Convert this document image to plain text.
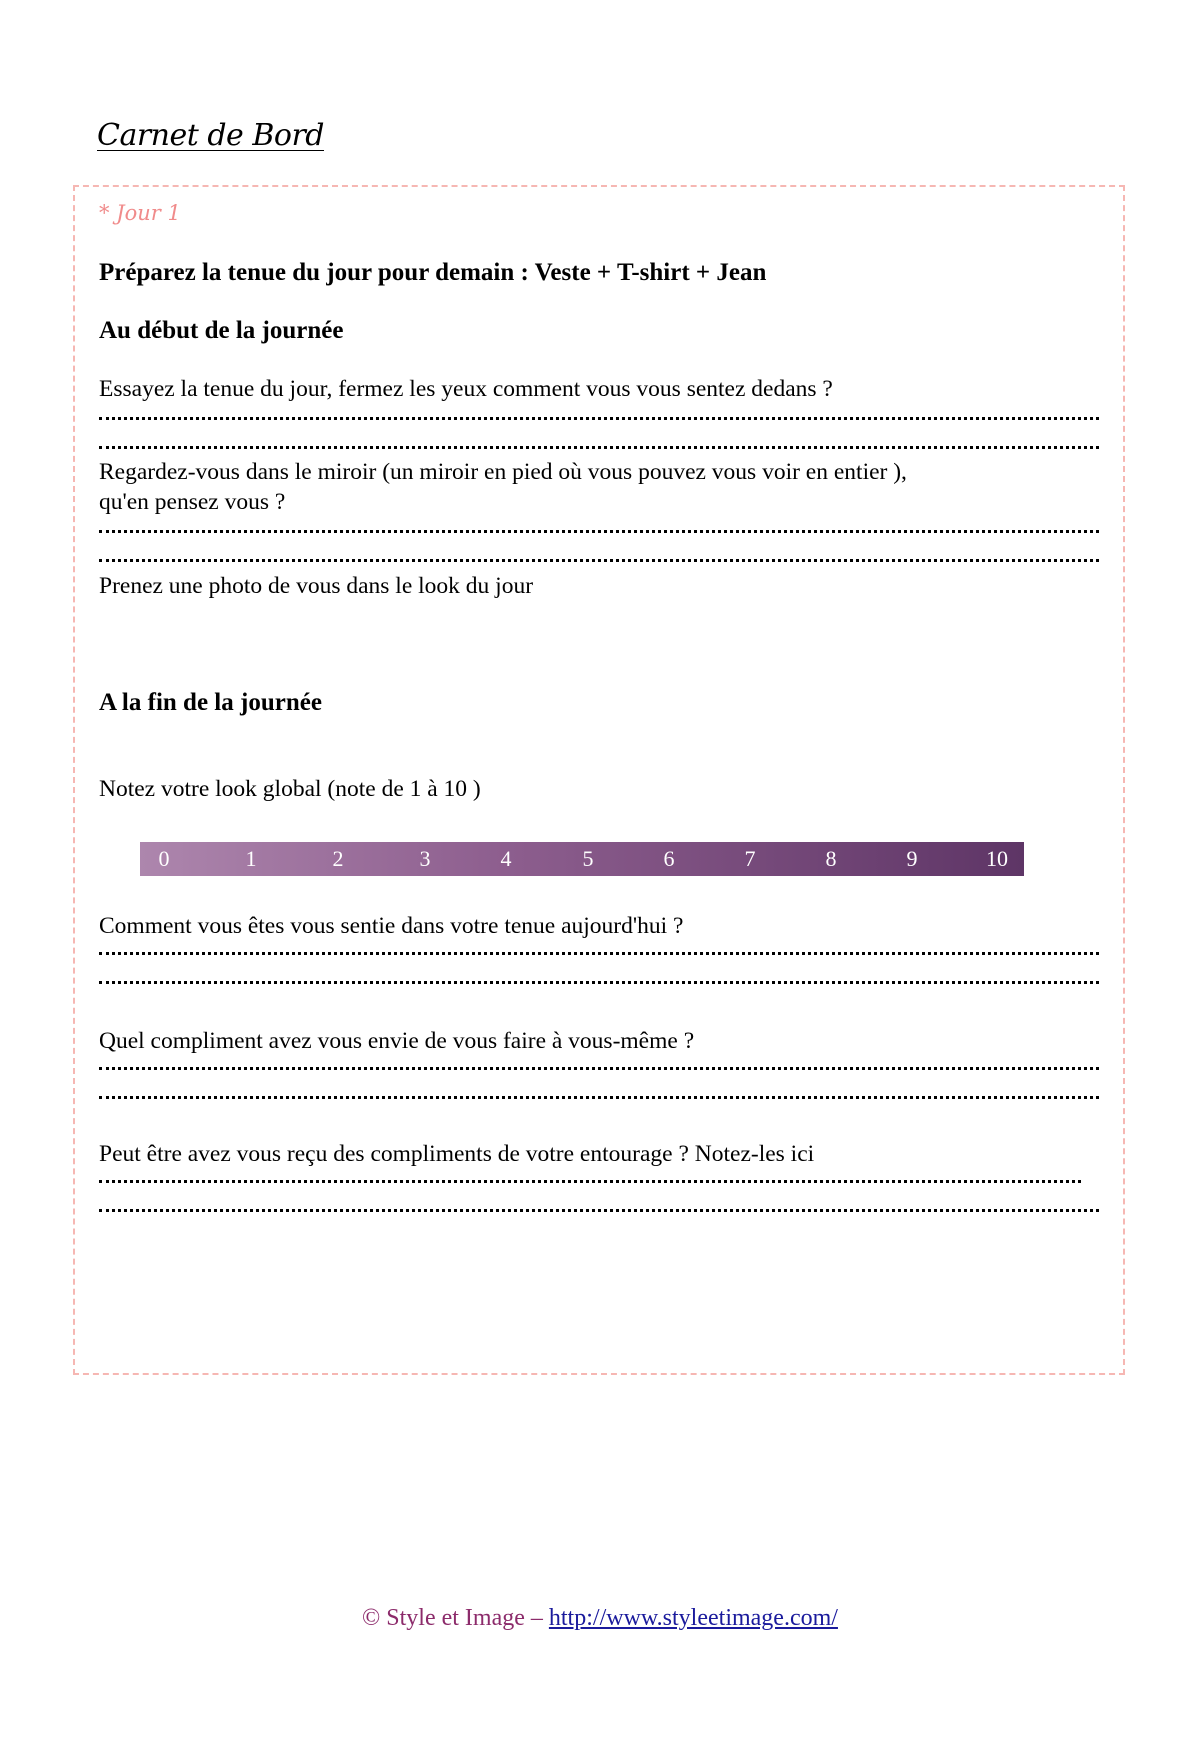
Carnet de Bord
* Jour 1
Préparez la tenue du jour pour demain : Veste + T-shirt + Jean
Au début de la journée
Essayez la tenue du jour, fermez les yeux comment vous vous sentez dedans ?
Regardez-vous dans le miroir (un miroir en pied où vous pouvez vous voir en entier ),
qu'en pensez vous ?
Prenez une photo de vous dans le look du jour
A la fin de la journée
Notez votre look global (note de 1 à 10 )
0	1	2	3	4	5	6	7	8	9	10
Comment vous êtes vous sentie dans votre tenue aujourd'hui ?
Quel compliment avez vous envie de vous faire à vous-même ?
Peut être avez vous reçu des compliments de votre entourage ? Notez-les ici
© Style et Image – http://www.styleetimage.com/
